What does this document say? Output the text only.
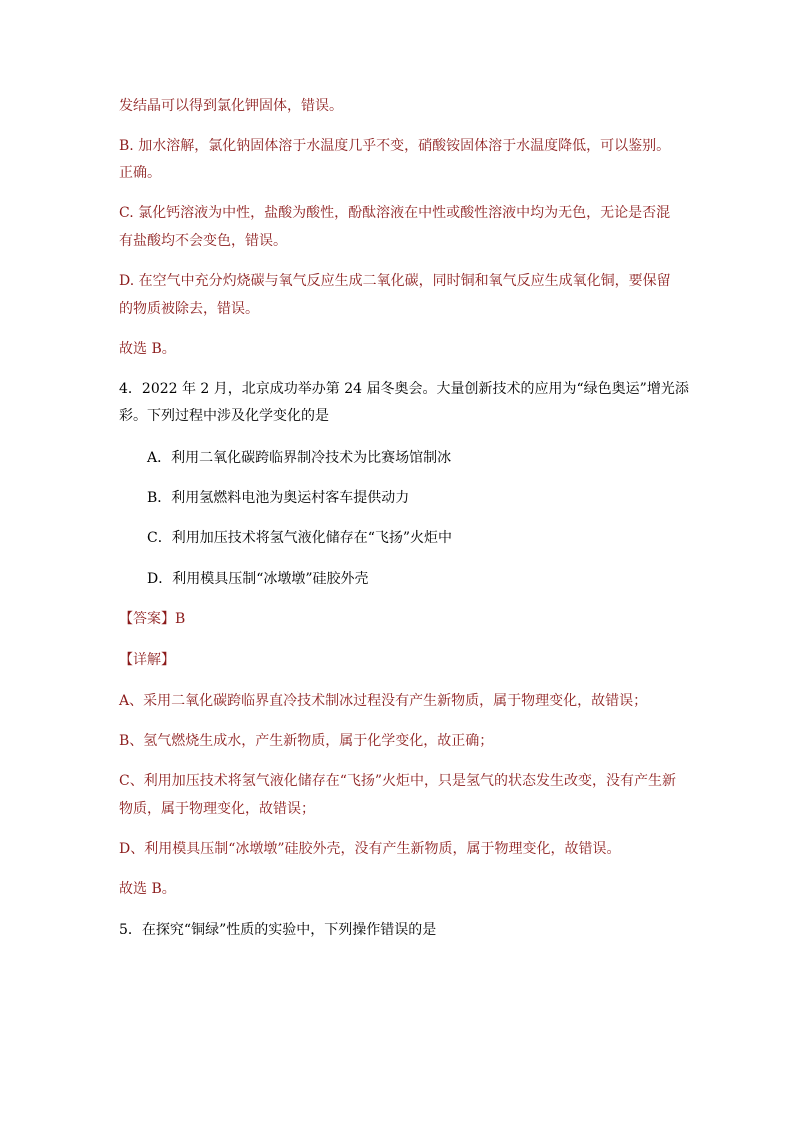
发结晶可以得到氯化钾固体，错误。
B. 加水溶解，氯化钠固体溶于水温度几乎不变，硝酸铵固体溶于水温度降低，可以鉴别。
正确。
C. 氯化钙溶液为中性，盐酸为酸性，酚酞溶液在中性或酸性溶液中均为无色，无论是否混
有盐酸均不会变色，错误。
D. 在空气中充分灼烧碳与氧气反应生成二氧化碳，同时铜和氧气反应生成氧化铜，要保留
的物质被除去，错误。
故选 B。
4．2022 年 2 月，北京成功举办第 24 届冬奥会。大量创新技术的应用为“绿色奥运”增光添
彩。下列过程中涉及化学变化的是
A．利用二氧化碳跨临界制冷技术为比赛场馆制冰
B．利用氢燃料电池为奥运村客车提供动力
C．利用加压技术将氢气液化储存在“飞扬”火炬中
D．利用模具压制“冰墩墩”硅胶外壳
【答案】B
【详解】
A、采用二氧化碳跨临界直冷技术制冰过程没有产生新物质，属于物理变化，故错误；
B、氢气燃烧生成水，产生新物质，属于化学变化，故正确；
C、利用加压技术将氢气液化储存在“飞扬”火炬中，只是氢气的状态发生改变，没有产生新
物质，属于物理变化，故错误；
D、利用模具压制“冰墩墩”硅胶外壳，没有产生新物质，属于物理变化，故错误。
故选 B。
5．在探究“铜绿”性质的实验中，下列操作错误的是
